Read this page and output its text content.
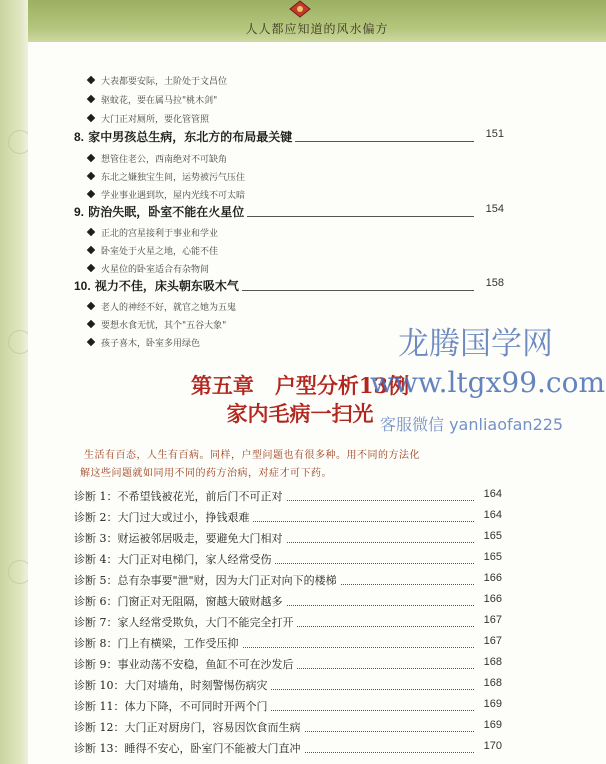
人人都应知道的风水偏方
大表都要安际，土阶处于文昌位
驱蚊花，要在属马拉"桃木剑"
大门正对厕所，要化管管照
8. 家中男孩总生病，东北方的布局最关键	151
想管住老公，西南绝对不可缺角
东北之嫌独宝生间，运势被污气压住
学业事业遇到坎，屋内光线不可太暗
9. 防治失眠，卧室不能在火星位	154
正北的宫星接利于事业和学业
卧室处于火星之地，心能不佳
火星位的卧室适合有杂物间
10. 视力不佳，床头朝东吸木气	158
老人的神经不好，就官之她为五鬼
要想水食无忧，其个"五谷大象"
孩子喜木，卧室多用绿色
第五章　户型分析13例
家内毛病一扫光
龙腾国学网
www.ltgx99.com
客服微信 yanliaofan225
生活有百态，人生有百病。同样，户型问题也有很多种。用不同的方法化
解这些问题就如同用不同的药方治病，对症才可下药。
诊断 1：不希望钱被花光，前后门不可正对	164
诊断 2：大门过大或过小，挣钱艰难	164
诊断 3：财运被邻居吸走，要避免大门相对	165
诊断 4：大门正对电梯门，家人经常受伤	165
诊断 5：总有杂事要"泄"财，因为大门正对向下的楼梯	166
诊断 6：门窗正对无阻隔，窗越大破财越多	166
诊断 7：家人经常受欺负，大门不能完全打开	167
诊断 8：门上有横梁，工作受压抑	167
诊断 9：事业动荡不安稳，鱼缸不可在沙发后	168
诊断 10：大门对墙角，时刻警惕伤病灾	168
诊断 11：体力下降，不可同时开两个门	169
诊断 12：大门正对厨房门，容易因饮食而生病	169
诊断 13：睡得不安心，卧室门不能被大门直冲	170
